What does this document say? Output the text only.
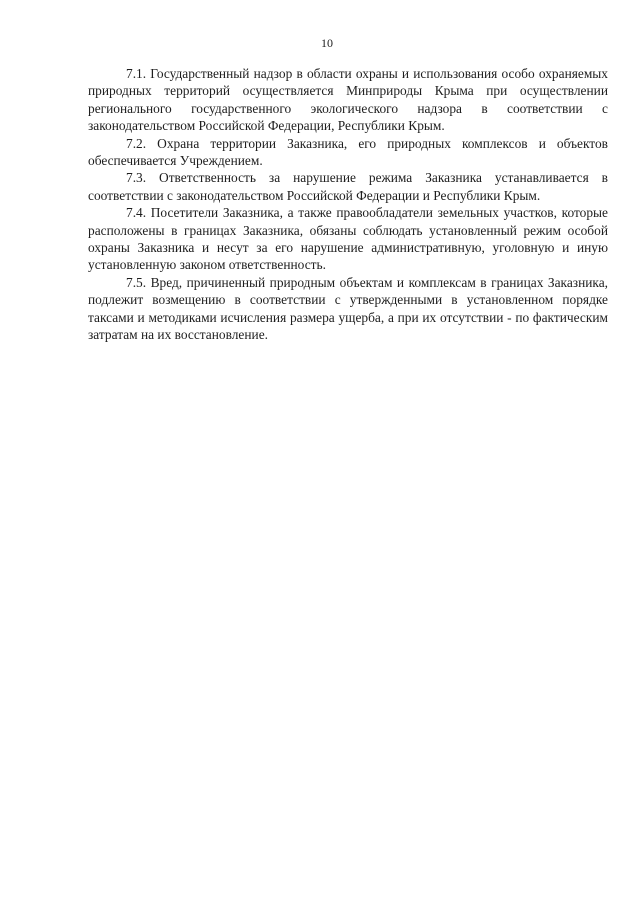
10

7.1. Государственный надзор в области охраны и использования особо охраняемых природных территорий осуществляется Минприроды Крыма при осуществлении регионального государственного экологического надзора в соответствии с законодательством Российской Федерации, Республики Крым.

7.2. Охрана территории Заказника, его природных комплексов и объектов обеспечивается Учреждением.

7.3. Ответственность за нарушение режима Заказника устанавливается в соответствии с законодательством Российской Федерации и Республики Крым.

7.4. Посетители Заказника, а также правообладатели земельных участков, которые расположены в границах Заказника, обязаны соблюдать установленный режим особой охраны Заказника и несут за его нарушение административную, уголовную и иную установленную законом ответственность.

7.5. Вред, причиненный природным объектам и комплексам в границах Заказника, подлежит возмещению в соответствии с утвержденными в установленном порядке таксами и методиками исчисления размера ущерба, а при их отсутствии - по фактическим затратам на их восстановление.
